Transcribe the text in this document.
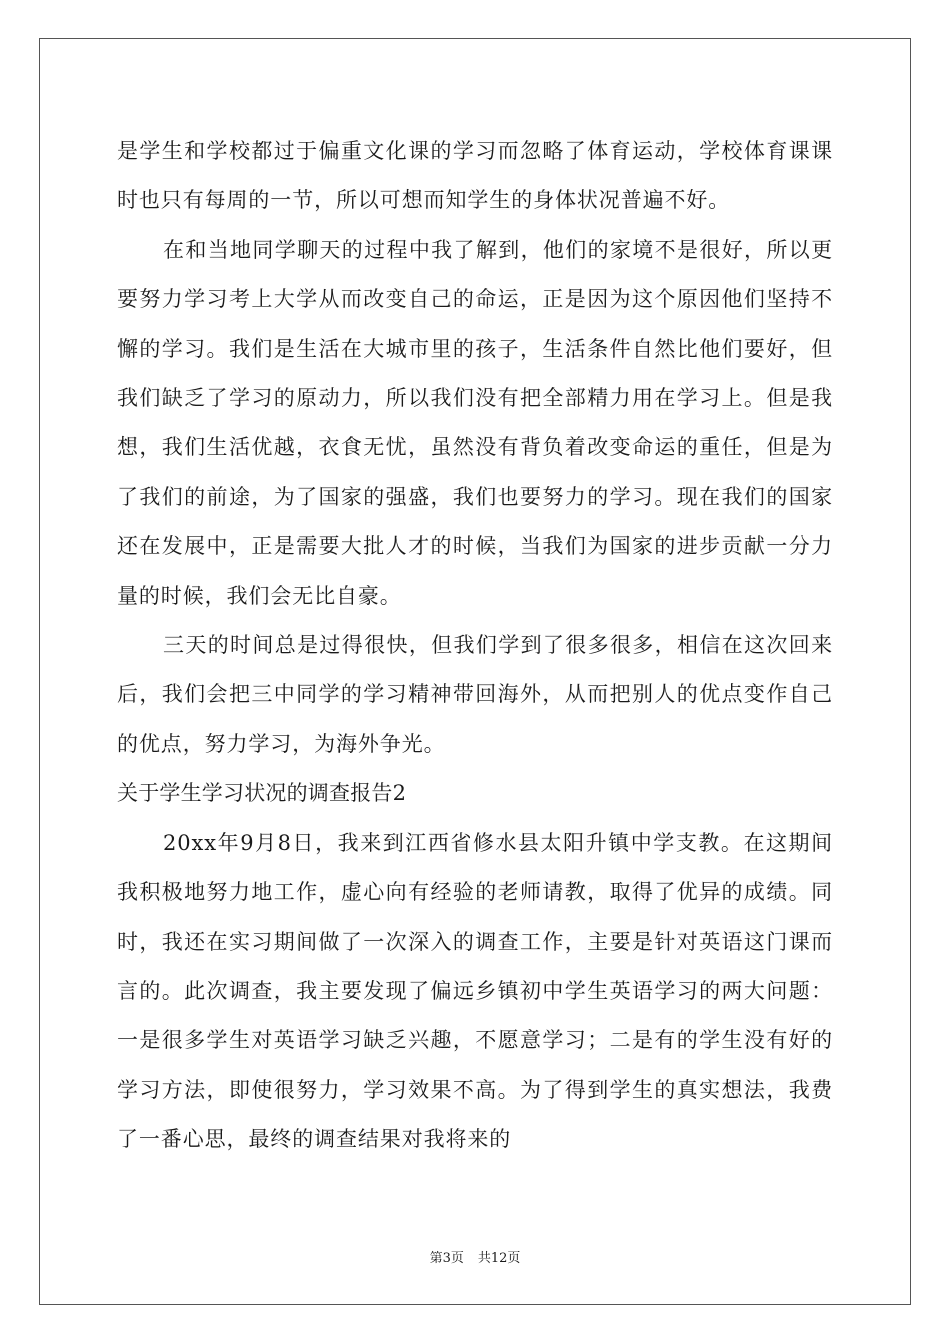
是学生和学校都过于偏重文化课的学习而忽略了体育运动，学校体育课课时也只有每周的一节，所以可想而知学生的身体状况普遍不好。

在和当地同学聊天的过程中我了解到，他们的家境不是很好，所以更要努力学习考上大学从而改变自己的命运，正是因为这个原因他们坚持不懈的学习。我们是生活在大城市里的孩子，生活条件自然比他们要好，但我们缺乏了学习的原动力，所以我们没有把全部精力用在学习上。但是我想，我们生活优越，衣食无忧，虽然没有背负着改变命运的重任，但是为了我们的前途，为了国家的强盛，我们也要努力的学习。现在我们的国家还在发展中，正是需要大批人才的时候，当我们为国家的进步贡献一分力量的时候，我们会无比自豪。

三天的时间总是过得很快，但我们学到了很多很多，相信在这次回来后，我们会把三中同学的学习精神带回海外，从而把别人的优点变作自己的优点，努力学习，为海外争光。

关于学生学习状况的调查报告2

20xx年9月8日，我来到江西省修水县太阳升镇中学支教。在这期间我积极地努力地工作，虚心向有经验的老师请教，取得了优异的成绩。同时，我还在实习期间做了一次深入的调查工作，主要是针对英语这门课而言的。此次调查，我主要发现了偏远乡镇初中学生英语学习的两大问题：一是很多学生对英语学习缺乏兴趣，不愿意学习；二是有的学生没有好的学习方法，即使很努力，学习效果不高。为了得到学生的真实想法，我费了一番心思，最终的调查结果对我将来的

第3页 共12页
